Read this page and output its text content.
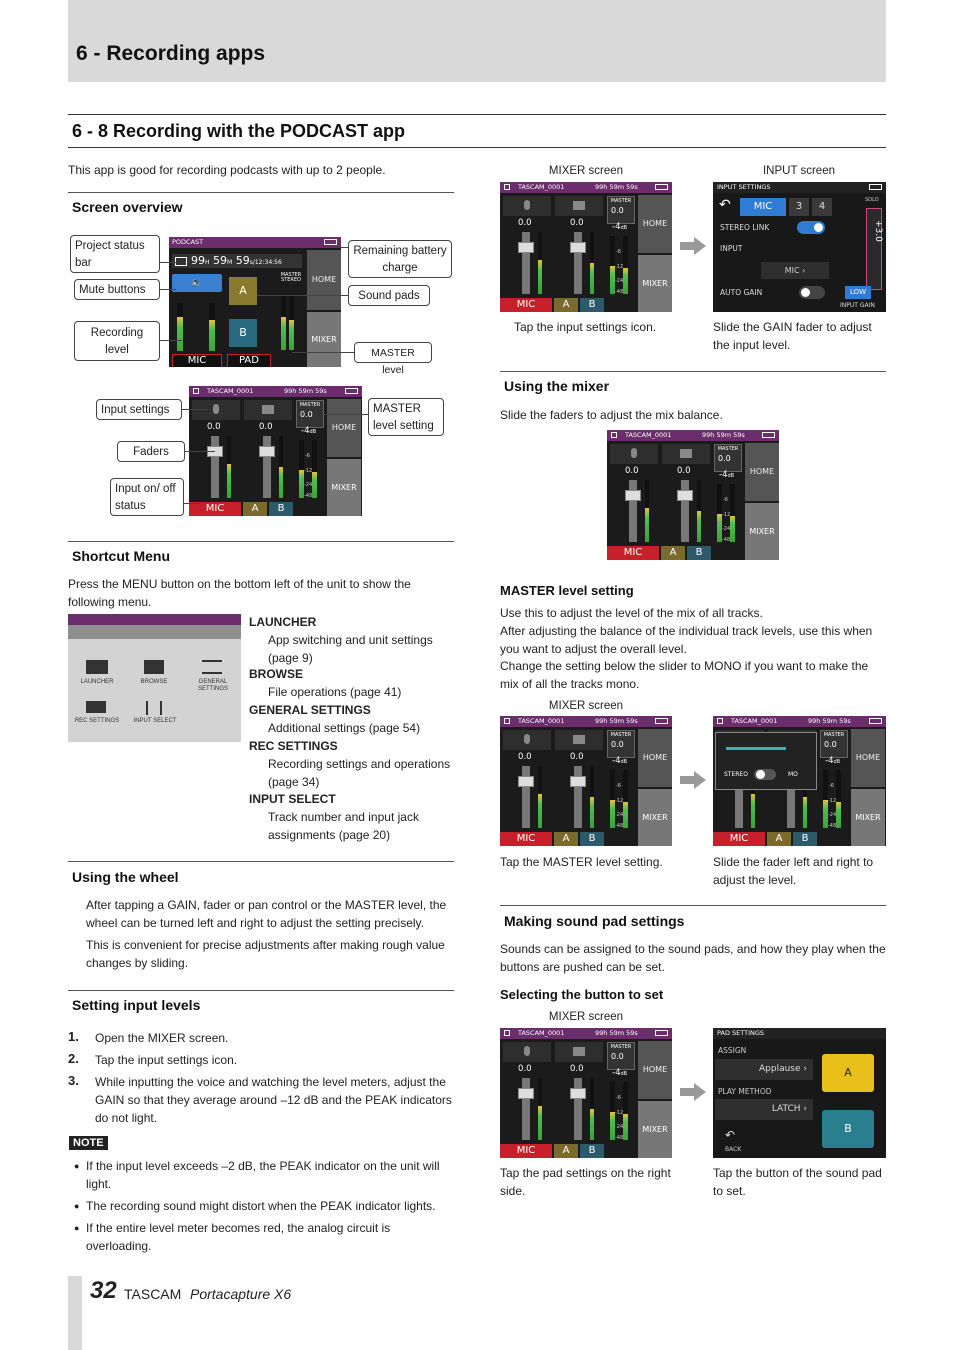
6 - Recording apps
6 - 8 Recording with the PODCAST app
This app is good for recording podcasts with up to 2 people.
Screen overview
PODCAST
99H 59M 59s/12:34:56
🔈
A
B
MASTER STEREO	HOME
MIXER
MIC	PAD
Project status bar
Remaining battery charge
Mute buttons	Sound pads
Recording level	MASTER level
TASCAM_0001	99h 59m 59s
0.0	0.0
MASTER
0.0
-4dB
-6
-12
-24
-48
HOME
MIXER
MIC	A	B
Input settings	MASTER level setting
Faders
Input on/ off status
Shortcut Menu
Press the MENU button on the bottom left of the unit to show the following menu.
LAUNCHER	BROWSE	GENERAL SETTINGS
REC SETTINGS	INPUT SELECT
LAUNCHER
App switching and unit settings (page 9)
BROWSE
File operations (page 41)
GENERAL SETTINGS
Additional settings (page 54)
REC SETTINGS
Recording settings and operations (page 34)
INPUT SELECT
Track number and input jack assignments (page 20)
Using the wheel
After tapping a GAIN, fader or pan control or the MASTER level, the wheel can be turned left and right to adjust the setting precisely.
This is convenient for precise adjustments after making rough value changes by sliding.
Setting input levels
1. Open the MIXER screen.
2. Tap the input settings icon.
3. While inputting the voice and watching the level meters, adjust the GAIN so that they average around –12 dB and the PEAK indicators do not light.
NOTE
● If the input level exceeds –2 dB, the PEAK indicator on the unit will light.
● The recording sound might distort when the PEAK indicator lights.
● If the entire level meter becomes red, the analog circuit is overloading.
MIXER screen	INPUT screen
TASCAM_0001	99h 59m 59s
0.0	0.0
MASTER
0.0
-4dB
-6
-12
-24
-48
HOME
MIXER
MIC	A	B
INPUT SETTINGS
↶	MIC	3	4
STEREO LINK
INPUT
MIC ›
AUTO GAIN
SOLO
+3.0
LOW
INPUT GAIN
Tap the input settings icon.	Slide the GAIN fader to adjust the input level.
Using the mixer
Slide the faders to adjust the mix balance.
TASCAM_0001	99h 59m 59s
0.0	0.0
MASTER
0.0
-4dB
-6
-12
-24
-48
HOME
MIXER
MIC	A	B
MASTER level setting
Use this to adjust the level of the mix of all tracks.
After adjusting the balance of the individual track levels, use this when you want to adjust the overall level.
Change the setting below the slider to MONO if you want to make the mix of all the tracks mono.
MIXER screen
TASCAM_0001	99h 59m 59s
0.0	0.0
MASTER
0.0
-4dB
-6
-12
-24
-48
HOME
MIXER
MIC	A	B
TASCAM_0001	99h 59m 59s
MASTER
0.0
-4dB
-6
-12
-24
-48
HOME
MIXER
MIC	A	B
STEREO	MO
Tap the MASTER level setting.	Slide the fader left and right to adjust the level.
Making sound pad settings
Sounds can be assigned to the sound pads, and how they play when the buttons are pushed can be set.
Selecting the button to set
MIXER screen
TASCAM_0001	99h 59m 59s
0.0	0.0
MASTER
0.0
-4dB
-6
-12
-24
-48
HOME
MIXER
MIC	A	B
PAD SETTINGS
ASSIGN
Applause ›
PLAY METHOD
LATCH ›
↶
BACK
A
B
Tap the pad settings on the right side.
Tap the button of the sound pad to set.
32 TASCAM Portacapture X6
